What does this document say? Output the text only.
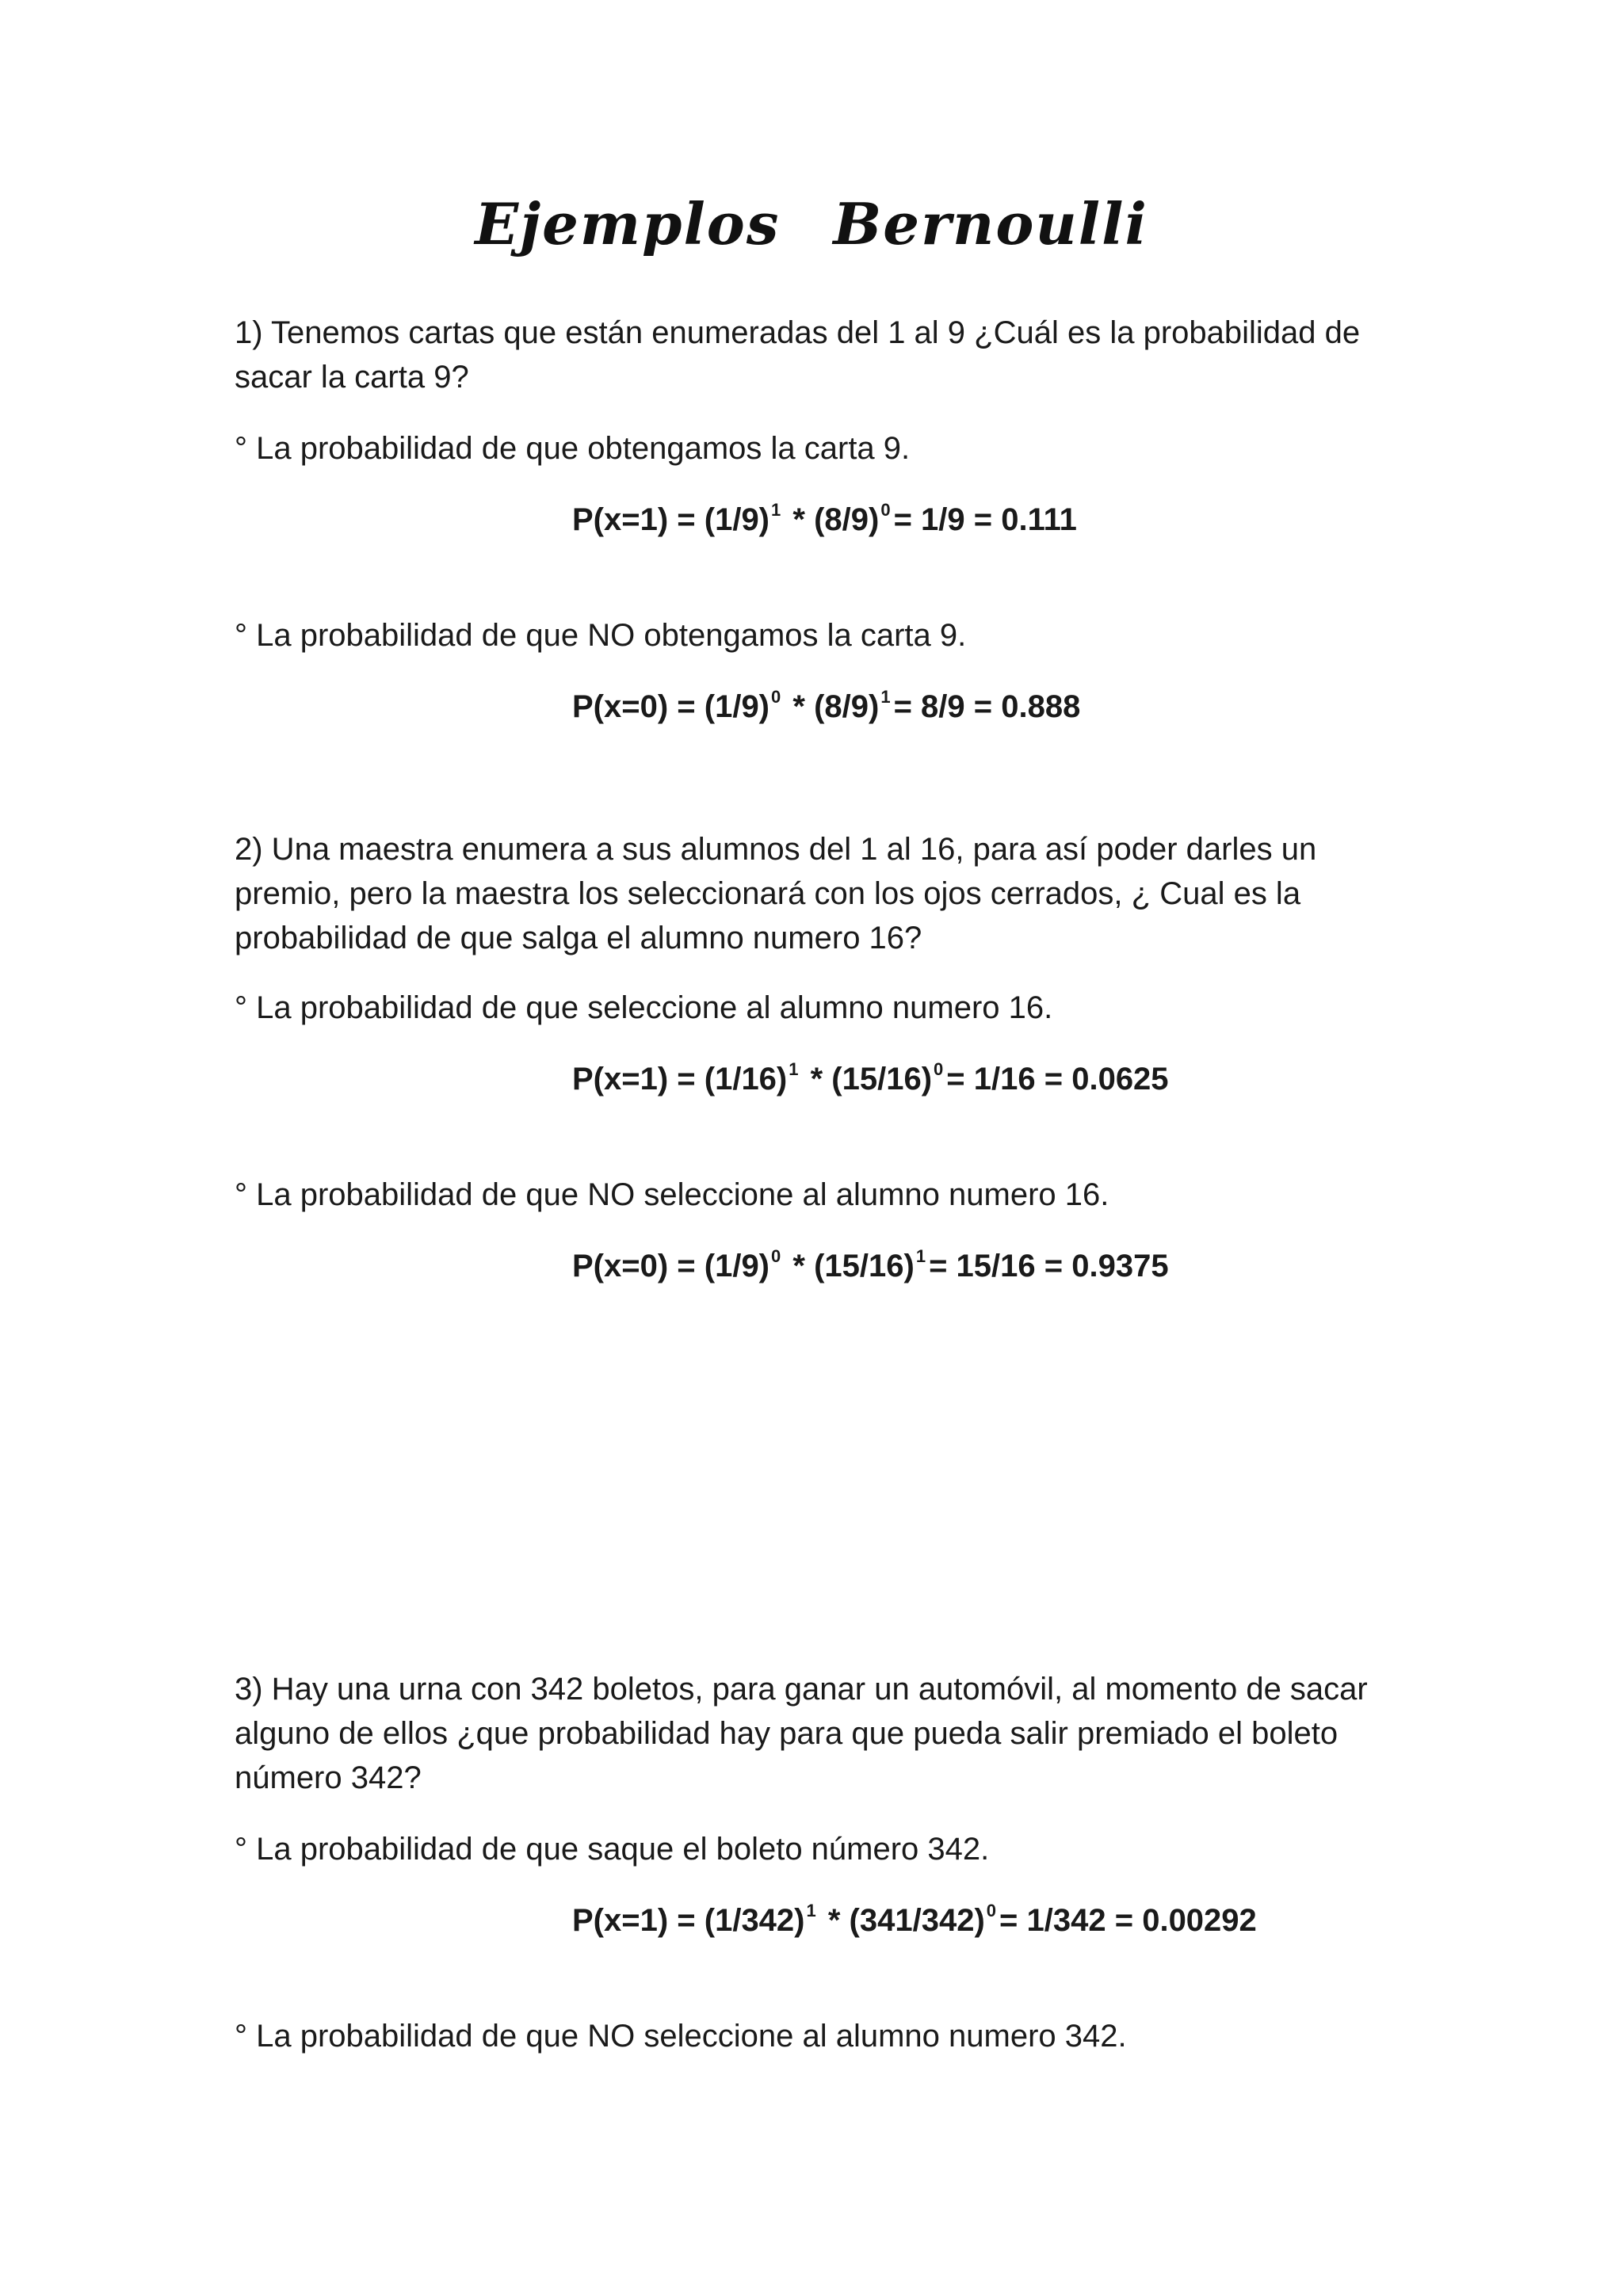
Ejemplos Bernoulli

1) Tenemos cartas que están enumeradas del 1 al 9 ¿Cuál es la probabilidad de sacar la carta 9?

° La probabilidad de que obtengamos la carta 9.

$P(x=1) = (1/9)^1 * (8/9)^0 = 1/9 = 0.111$

° La probabilidad de que NO obtengamos la carta 9.

$P(x=0) = (1/9)^0 * (8/9)^1 = 8/9 = 0.888$

2) Una maestra enumera a sus alumnos del 1 al 16, para así poder darles un premio, pero la maestra los seleccionará con los ojos cerrados, ¿ Cual es la probabilidad de que salga el alumno numero 16?

° La probabilidad de que seleccione al alumno numero 16.

$P(x=1) = (1/16)^1 * (15/16)^0 = 1/16 = 0.0625$

° La probabilidad de que NO seleccione al alumno numero 16.

$P(x=0) = (1/9)^0 * (15/16)^1 = 15/16 = 0.9375$

3) Hay una urna con 342 boletos, para ganar un automóvil, al momento de sacar alguno de ellos ¿que probabilidad hay para que pueda salir premiado el boleto número 342?

° La probabilidad de que saque el boleto número 342.

$P(x=1) = (1/342)^1 * (341/342)^0 = 1/342 = 0.00292$

° La probabilidad de que NO seleccione al alumno numero 342.
